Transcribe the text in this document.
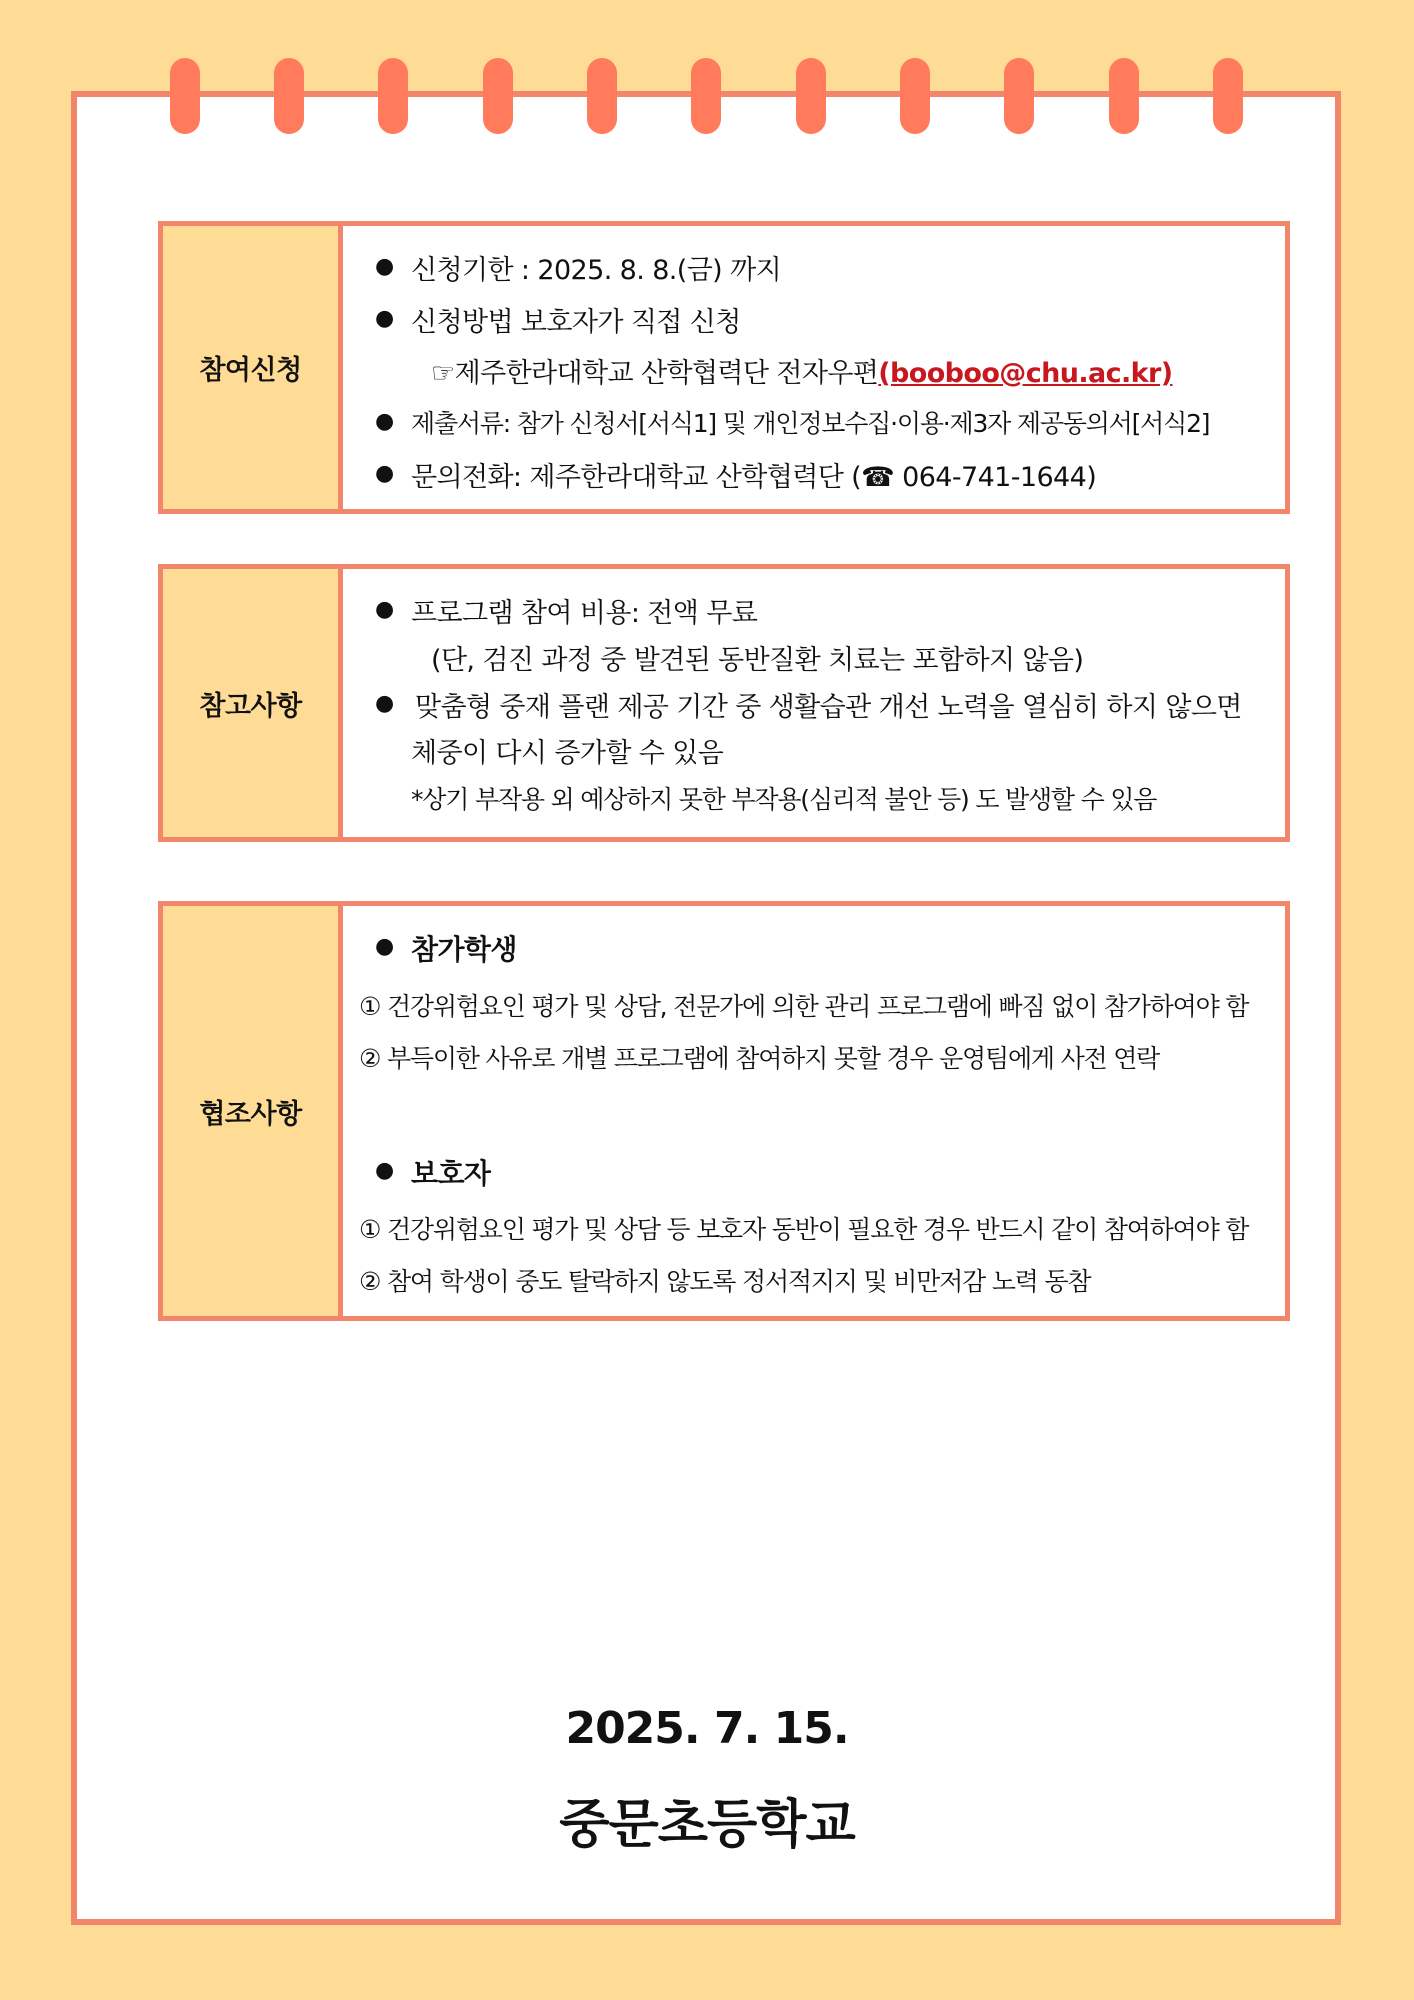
참여신청
● 신청기한 : 2025. 8. 8.(금) 까지
● 신청방법 보호자가 직접 신청
☞제주한라대학교 산학협력단 전자우편(booboo@chu.ac.kr)
● 제출서류: 참가 신청서[서식1] 및 개인정보수집·이용·제3자 제공동의서[서식2]
● 문의전화: 제주한라대학교 산학협력단 (☎ 064-741-1644)
참고사항
● 프로그램 참여 비용: 전액 무료
(단, 검진 과정 중 발견된 동반질환 치료는 포함하지 않음)
● 맞춤형 중재 플랜 제공 기간 중 생활습관 개선 노력을 열심히 하지 않으면
체중이 다시 증가할 수 있음
*상기 부작용 외 예상하지 못한 부작용(심리적 불안 등) 도 발생할 수 있음
협조사항
● 참가학생
① 건강위험요인 평가 및 상담, 전문가에 의한 관리 프로그램에 빠짐 없이 참가하여야 함
② 부득이한 사유로 개별 프로그램에 참여하지 못할 경우 운영팀에게 사전 연락
● 보호자
① 건강위험요인 평가 및 상담 등 보호자 동반이 필요한 경우 반드시 같이 참여하여야 함
② 참여 학생이 중도 탈락하지 않도록 정서적지지 및 비만저감 노력 동참
2025. 7. 15.
중문초등학교
